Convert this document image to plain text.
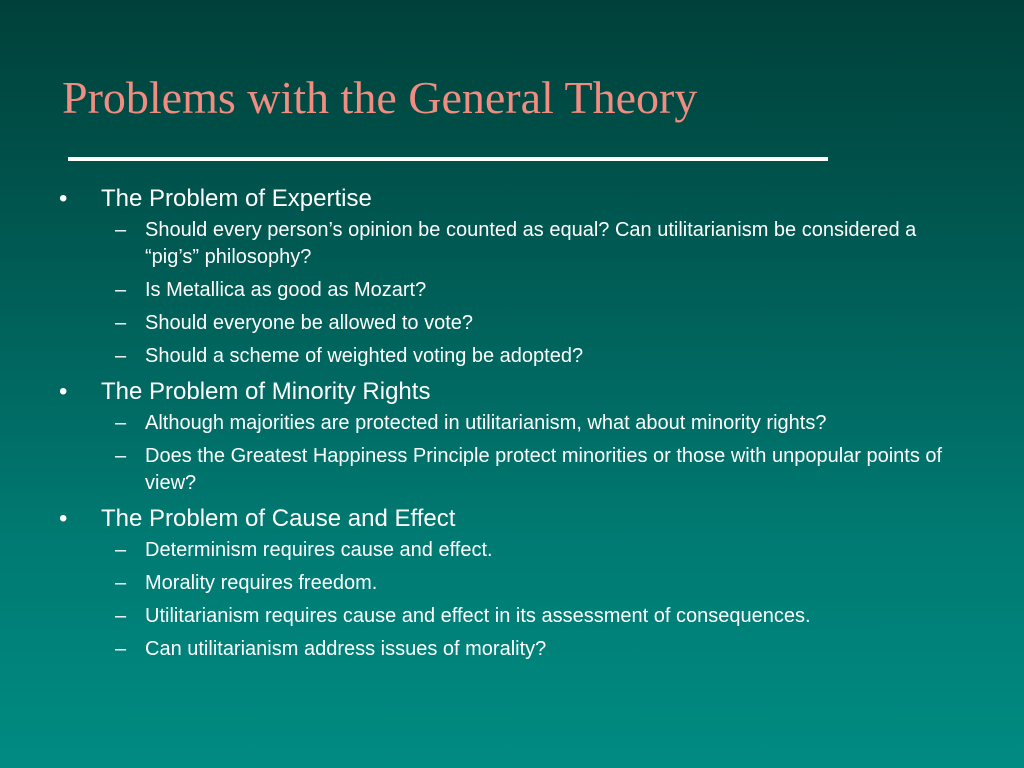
Problems with the General Theory
• The Problem of Expertise
– Should every person’s opinion be counted as equal? Can utilitarianism be considered a “pig’s” philosophy?
– Is Metallica as good as Mozart?
– Should everyone be allowed to vote?
– Should a scheme of weighted voting be adopted?
• The Problem of Minority Rights
– Although majorities are protected in utilitarianism, what about minority rights?
– Does the Greatest Happiness Principle protect minorities or those with unpopular points of view?
• The Problem of Cause and Effect
– Determinism requires cause and effect.
– Morality requires freedom.
– Utilitarianism requires cause and effect in its assessment of consequences.
– Can utilitarianism address issues of morality?
